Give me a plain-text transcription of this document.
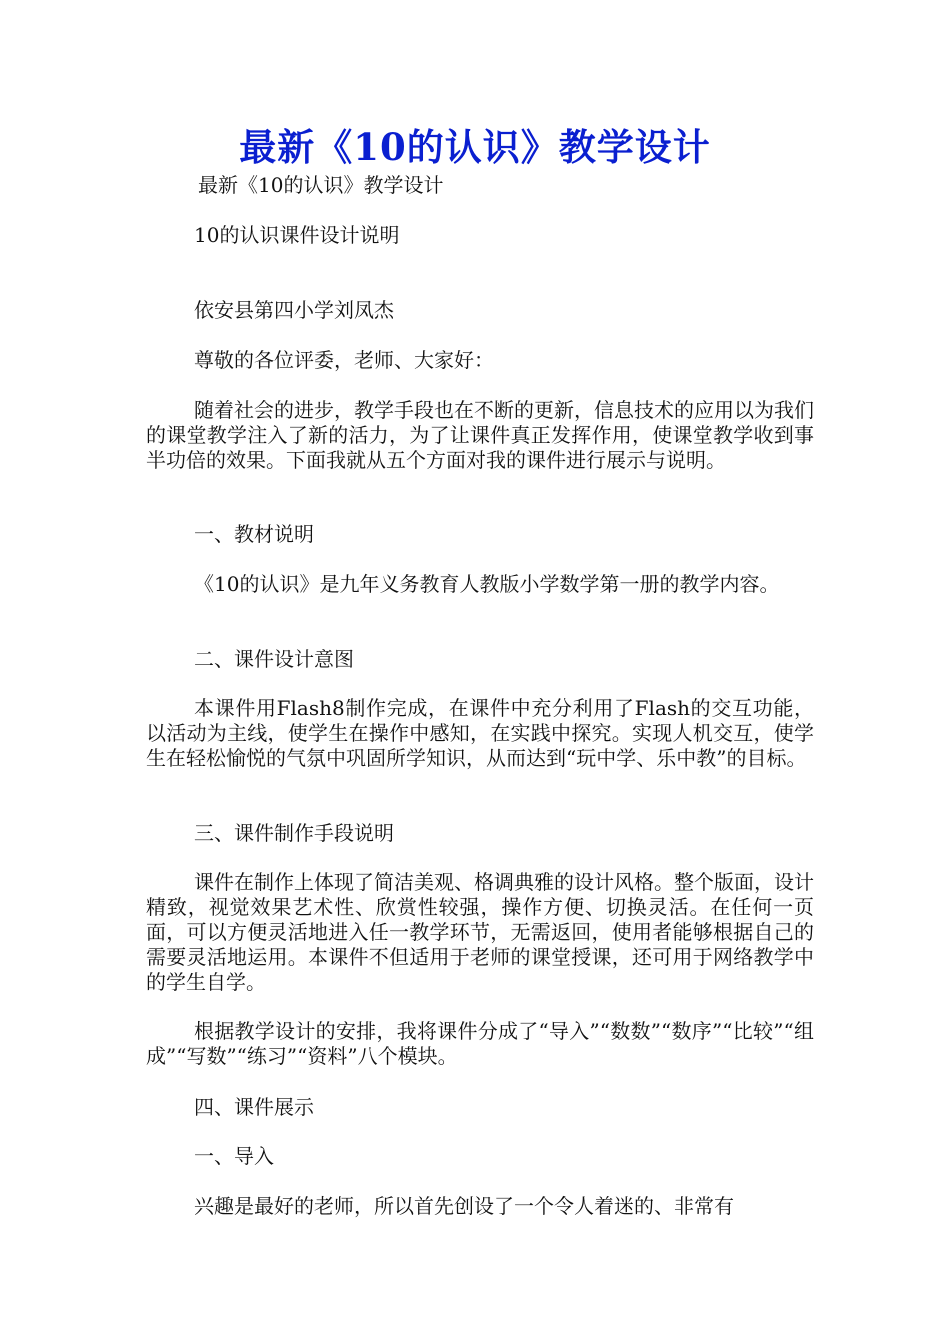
最新《10的认识》教学设计

最新《10的认识》教学设计

10的认识课件设计说明

依安县第四小学刘凤杰

尊敬的各位评委，老师、大家好：

随着社会的进步，教学手段也在不断的更新，信息技术的应用以为我们的课堂教学注入了新的活力，为了让课件真正发挥作用，使课堂教学收到事半功倍的效果。下面我就从五个方面对我的课件进行展示与说明。

一、教材说明

《10的认识》是九年义务教育人教版小学数学第一册的教学内容。

二、课件设计意图

本课件用Flash8制作完成，在课件中充分利用了Flash的交互功能，以活动为主线，使学生在操作中感知，在实践中探究。实现人机交互，使学生在轻松愉悦的气氛中巩固所学知识，从而达到“玩中学、乐中教”的目标。

三、课件制作手段说明

课件在制作上体现了简洁美观、格调典雅的设计风格。整个版面，设计精致，视觉效果艺术性、欣赏性较强，操作方便、切换灵活。在任何一页面，可以方便灵活地进入任一教学环节，无需返回，使用者能够根据自己的需要灵活地运用。本课件不但适用于老师的课堂授课，还可用于网络教学中的学生自学。

根据教学设计的安排，我将课件分成了“导入”“数数”“数序”“比较”“组成”“写数”“练习”“资料”八个模块。

四、课件展示

一、导入

兴趣是最好的老师，所以首先创设了一个令人着迷的、非常有
